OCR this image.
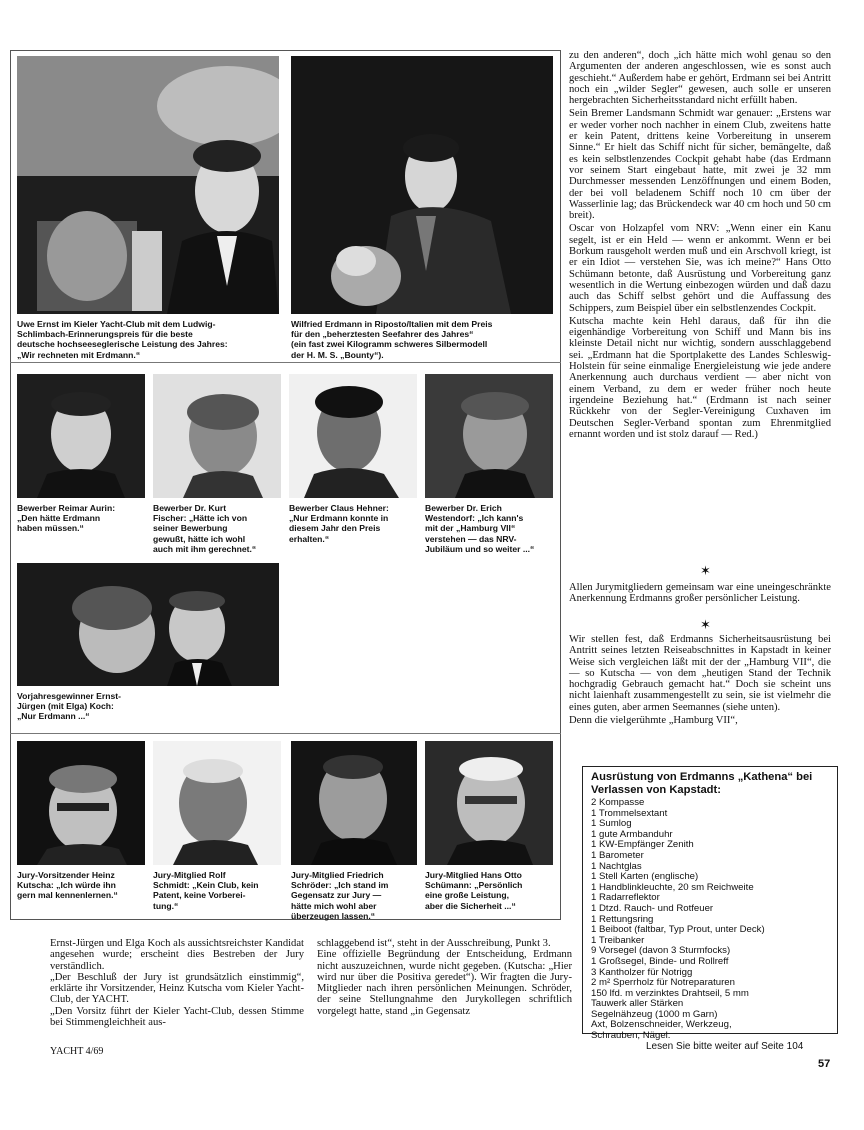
Uwe Ernst im Kieler Yacht-Club mit dem Ludwig-
Schlimbach-Erinnerungspreis für die beste
deutsche hochseeseglerische Leistung des Jahres:
„Wir rechneten mit Erdmann.“
Wilfried Erdmann in Riposto/Italien mit dem Preis
für den „beherztesten Seefahrer des Jahres“
(ein fast zwei Kilogramm schweres Silbermodell
der H. M. S. „Bounty“).
Bewerber Reimar Aurin:
„Den hätte Erdmann
haben müssen.“
Bewerber Dr. Kurt
Fischer: „Hätte ich von
seiner Bewerbung
gewußt, hätte ich wohl
auch mit ihm gerechnet.“
Bewerber Claus Hehner:
„Nur Erdmann konnte in
diesem Jahr den Preis
erhalten.“
Bewerber Dr. Erich
Westendorf: „Ich kann's
mit der „Hamburg VII“
verstehen — das NRV-
Jubiläum und so weiter ...“
Vorjahresgewinner Ernst-
Jürgen (mit Elga) Koch:
„Nur Erdmann ...“
Jury-Vorsitzender Heinz
Kutscha: „Ich würde ihn
gern mal kennenlernen.“
Jury-Mitglied Rolf
Schmidt: „Kein Club, kein
Patent, keine Vorberei-
tung.“
Jury-Mitglied Friedrich
Schröder: „Ich stand im
Gegensatz zur Jury —
hätte mich wohl aber
überzeugen lassen.“
Jury-Mitglied Hans Otto
Schümann: „Persönlich
eine große Leistung,
aber die Sicherheit ...“

zu den anderen“, doch „ich hätte mich wohl genau so den Argumenten der anderen angeschlossen, wie es sonst auch geschieht.“ Außerdem habe er gehört, Erdmann sei bei Antritt noch ein „wilder Segler“ gewesen, auch solle er unseren hergebrachten Sicherheitsstandard nicht erfüllt haben.

Sein Bremer Landsmann Schmidt war genauer: „Erstens war er weder vorher noch nachher in einem Club, zweitens hatte er kein Patent, drittens keine Vorbereitung in unserem Sinne.“ Er hielt das Schiff nicht für sicher, bemängelte, daß es kein selbstlenzendes Cockpit gehabt habe (das Erdmann vor seinem Start eingebaut hatte, mit zwei je 32 mm Durchmesser messenden Lenzöffnungen und einem Boden, der bei voll beladenem Schiff noch 10 cm über der Wasserlinie lag; das Brückendeck war 40 cm hoch und 50 cm breit).

Oscar von Holzapfel vom NRV: „Wenn einer ein Kanu segelt, ist er ein Held — wenn er ankommt. Wenn er bei Borkum rausgeholt werden muß und ein Arschvoll kriegt, ist er ein Idiot — verstehen Sie, was ich meine?“ Hans Otto Schümann betonte, daß Ausrüstung und Vorbereitung ganz wesentlich in die Wertung einbezogen würden und daß dazu auch das Schiff selbst gehört und die Auffassung des Schippers, zum Beispiel über ein selbstlenzendes Cockpit.

Kutscha machte kein Hehl daraus, daß für ihn die eigenhändige Vorbereitung von Schiff und Mann bis ins kleinste Detail nicht nur wichtig, sondern ausschlaggebend sei. „Erdmann hat die Sportplakette des Landes Schleswig-Holstein für seine einmalige Energieleistung wie jede andere Anerkennung auch durchaus verdient — aber nicht von einem Verband, zu dem er weder früher noch heute irgendeine Beziehung hat.“ (Erdmann ist nach seiner Rückkehr von der Segler-Vereinigung Cuxhaven im Deutschen Segler-Verband spontan zum Ehrenmitglied ernannt worden und ist stolz darauf — Red.)

✶

Allen Jurymitgliedern gemeinsam war eine uneingeschränkte Anerkennung Erdmanns großer persönlicher Leistung.

✶

Wir stellen fest, daß Erdmanns Sicherheitsausrüstung bei Antritt seines letzten Reiseabschnittes in Kapstadt in keiner Weise sich vergleichen läßt mit der der „Hamburg VII“, die — so Kutscha — von dem „heutigen Stand der Technik hochgradig Gebrauch gemacht hat.“ Doch sie scheint uns nicht laienhaft zusammengestellt zu sein, sie ist vielmehr die eines guten, aber armen Seemannes (siehe unten).

Denn die vielgerühmte „Hamburg VII“,

Ausrüstung von Erdmanns „Kathena“ bei Verlassen von Kapstadt:
2 Kompasse
1 Trommelsextant
1 Sumlog
1 gute Armbanduhr
1 KW-Empfänger Zenith
1 Barometer
1 Nachtglas
1 Stell Karten (englische)
1 Handblinkleuchte, 20 sm Reichweite
1 Radarreflektor
1 Dtzd. Rauch- und Rotfeuer
1 Rettungsring
1 Beiboot (faltbar, Typ Prout, unter Deck)
1 Treibanker
9 Vorsegel (davon 3 Sturmfocks)
1 Großsegel, Binde- und Rollreff
3 Kantholzer für Notrigg
2 m² Sperrholz für Notreparaturen
150 lfd. m verzinktes Drahtseil, 5 mm
Tauwerk aller Stärken
Segelnähzeug (1000 m Garn)
Axt, Bolzenschneider, Werkzeug,
Schrauben, Nägel.
Ernst-Jürgen und Elga Koch als aussichtsreichster Kandidat angesehen wurde; erscheint dies Bestreben der Jury verständlich.
„Der Beschluß der Jury ist grundsätzlich einstimmig“, erklärte ihr Vorsitzender, Heinz Kutscha vom Kieler Yacht-Club, der YACHT.
„Den Vorsitz führt der Kieler Yacht-Club, dessen Stimme bei Stimmengleichheit aus-
schlaggebend ist“, steht in der Ausschreibung, Punkt 3.
Eine offizielle Begründung der Entscheidung, Erdmann nicht auszuzeichnen, wurde nicht gegeben. (Kutscha: „Hier wird nur über die Positiva geredet“). Wir fragten die Jury-Mitglieder nach ihren persönlichen Meinungen. Schröder, der seine Stellungnahme den Jurykollegen schriftlich vorgelegt hatte, stand „in Gegensatz
YACHT 4/69	Lesen Sie bitte weiter auf Seite 104
57
